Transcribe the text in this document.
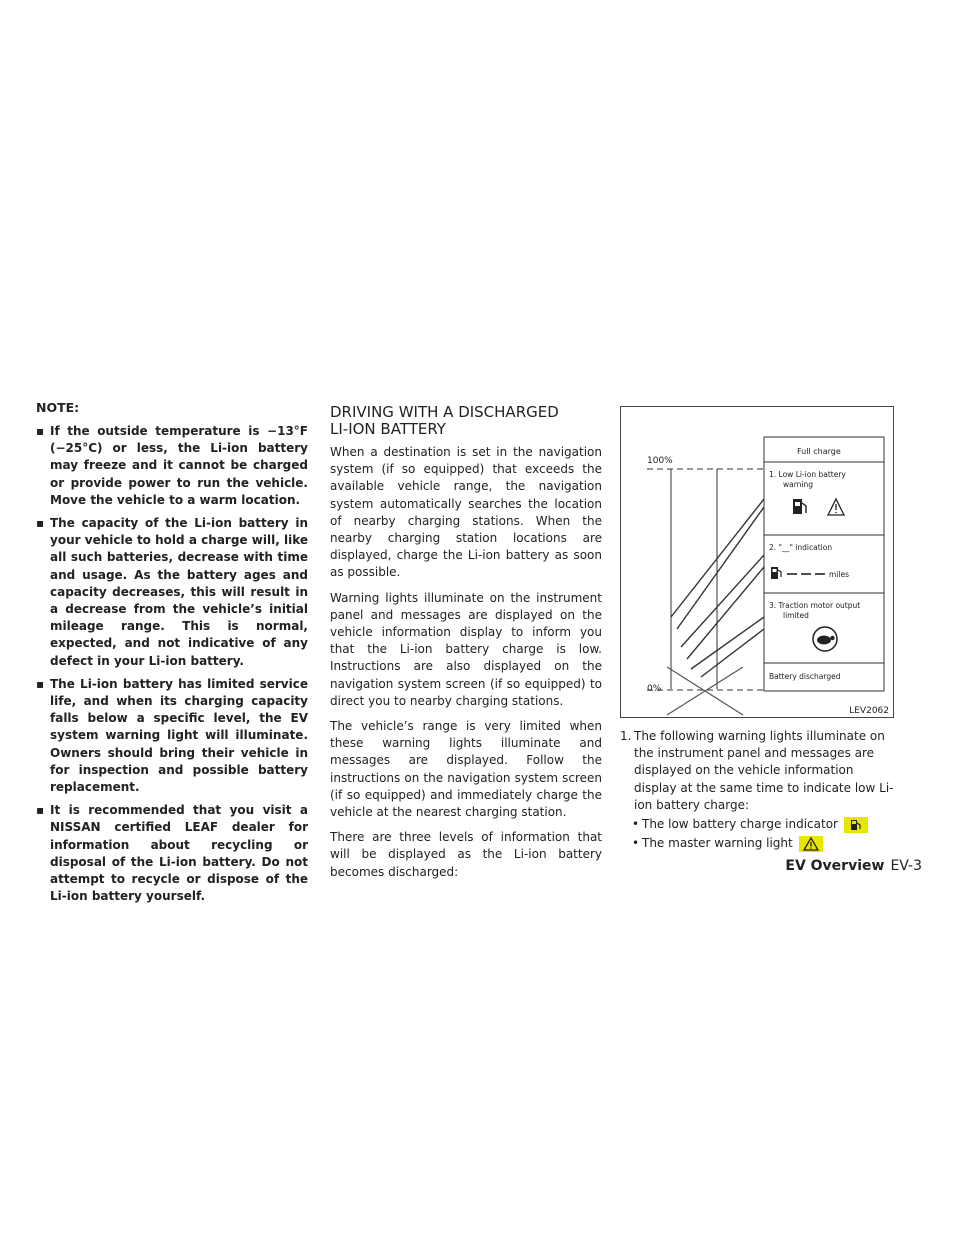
NOTE:

▪ If the outside temperature is −13°F (−25°C) or less, the Li-ion battery may freeze and it cannot be charged or provide power to run the vehicle. Move the vehicle to a warm location.
▪ The capacity of the Li-ion battery in your vehicle to hold a charge will, like all such batteries, decrease with time and usage. As the battery ages and capacity decreases, this will result in a decrease from the vehicle’s initial mileage range. This is normal, expected, and not indicative of any defect in your Li-ion battery.
▪ The Li-ion battery has limited service life, and when its charging capacity falls below a specific level, the EV system warning light will illuminate. Owners should bring their vehicle in for inspection and possible battery replacement.
▪ It is recommended that you visit a NISSAN certified LEAF dealer for information about recycling or disposal of the Li-ion battery. Do not attempt to recycle or dispose of the Li-ion battery yourself.
DRIVING WITH A DISCHARGED
LI-ION BATTERY

When a destination is set in the navigation system (if so equipped) that exceeds the available vehicle range, the navigation system automatically searches the location of nearby charging stations. When the nearby charging station locations are displayed, charge the Li-ion battery as soon as possible.

Warning lights illuminate on the instrument panel and messages are displayed on the vehicle information display to inform you that the Li-ion battery charge is low. Instructions are also displayed on the navigation system screen (if so equipped) to direct you to nearby charging stations.

The vehicle’s range is very limited when these warning lights illuminate and messages are displayed. Follow the instructions on the navigation system screen (if so equipped) and immediately charge the vehicle at the nearest charging station.

There are three levels of information that will be displayed as the Li-ion battery becomes discharged:

100%
0%
Full charge
1. Low Li-ion battery
warning
2. "__" indication
miles
3. Traction motor output
limited
Battery discharged
LEV2062
1. The following warning lights illuminate on the instrument panel and messages are displayed on the vehicle information display at the same time to indicate low Li-ion battery charge:
• The low battery charge indicator
• The master warning light
EV Overview EV-3
